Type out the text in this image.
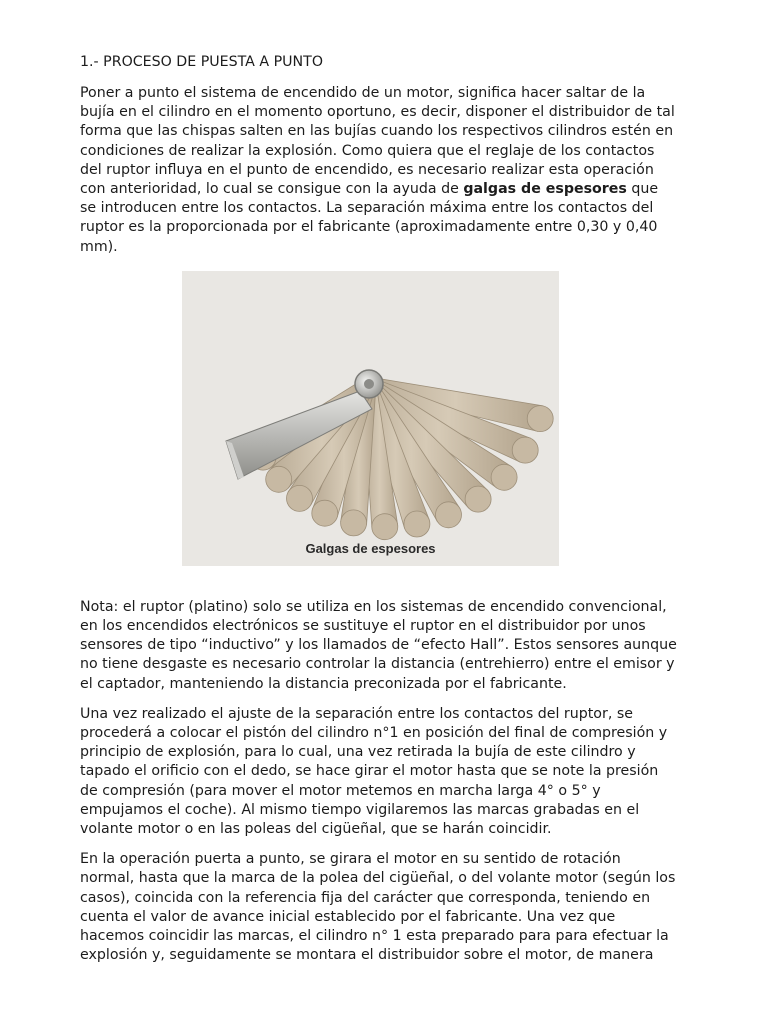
1.- PROCESO DE PUESTA A PUNTO

Poner a punto el sistema de encendido de un motor, significa hacer saltar de la
bujía en el cilindro en el momento oportuno, es decir, disponer el distribuidor de tal
forma que las chispas salten en las bujías cuando los respectivos cilindros estén en
condiciones de realizar la explosión. Como quiera que el reglaje de los contactos
del ruptor influya en el punto de encendido, es necesario realizar esta operación
con anterioridad, lo cual se consigue con la ayuda de galgas de espesores que
se introducen entre los contactos. La separación máxima entre los contactos del
ruptor es la proporcionada por el fabricante (aproximadamente entre 0,30 y 0,40
mm).

Nota: el ruptor (platino) solo se utiliza en los sistemas de encendido convencional,
en los encendidos electrónicos se sustituye el ruptor en el distribuidor por unos
sensores de tipo “inductivo” y los llamados de “efecto Hall”. Estos sensores aunque
no tiene desgaste es necesario controlar la distancia (entrehierro) entre el emisor y
el captador, manteniendo la distancia preconizada por el fabricante.

Una vez realizado el ajuste de la separación entre los contactos del ruptor, se
procederá a colocar el pistón del cilindro n°1 en posición del final de compresión y
principio de explosión, para lo cual, una vez retirada la bujía de este cilindro y
tapado el orificio con el dedo, se hace girar el motor hasta que se note la presión
de compresión (para mover el motor metemos en marcha larga 4° o 5° y
empujamos el coche). Al mismo tiempo vigilaremos las marcas grabadas en el
volante motor o en las poleas del cigüeñal, que se harán coincidir.

En la operación puerta a punto, se girara el motor en su sentido de rotación
normal, hasta que la marca de la polea del cigüeñal, o del volante motor (según los
casos), coincida con la referencia fija del carácter que corresponda, teniendo en
cuenta el valor de avance inicial establecido por el fabricante. Una vez que
hacemos coincidir las marcas, el cilindro n° 1 esta preparado para para efectuar la
explosión y, seguidamente se montara el distribuidor sobre el motor, de manera

Galgas de espesores
